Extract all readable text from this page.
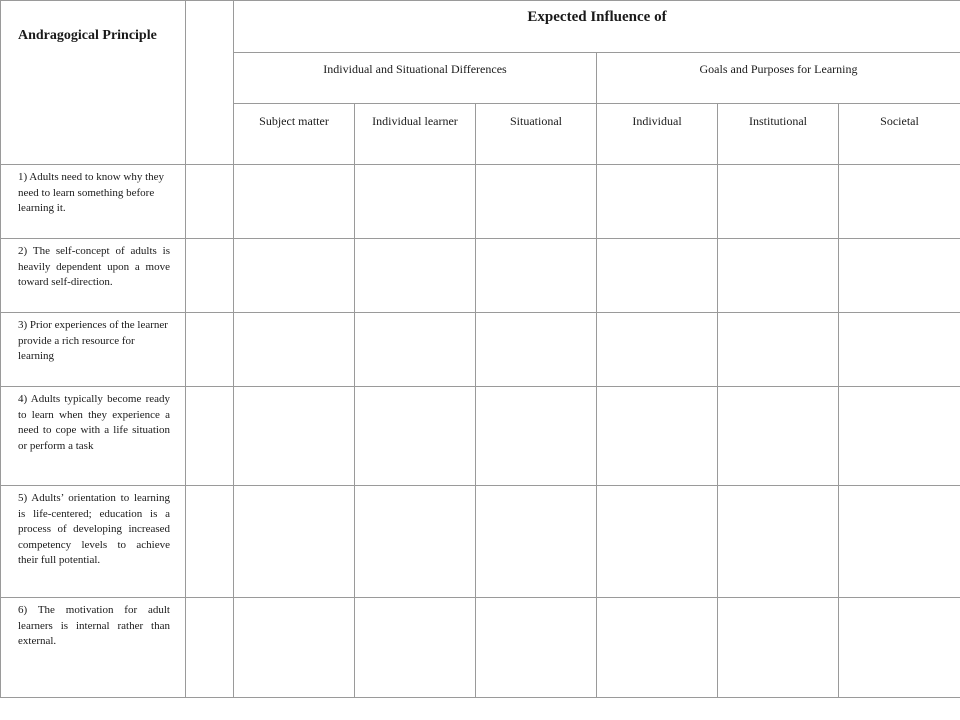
Andragogical Principle		Expected Influence of					
		Individual and Situational Differences			Goals and Purposes for Learning		
		Subject matter	Individual learner	Situational	Individual	Institutional	Societal
1) Adults need to know why they need to learn something before learning it.							
2) The self-concept of adults is heavily dependent upon a move toward self-direction.							
3) Prior experiences of the learner provide a rich resource for learning							
4) Adults typically become ready to learn when they experience a need to cope with a life situation or perform a task							
5) Adults’ orientation to learning is life-centered; education is a process of developing increased competency levels to achieve their full potential.							
6) The motivation for adult learners is internal rather than external.							
